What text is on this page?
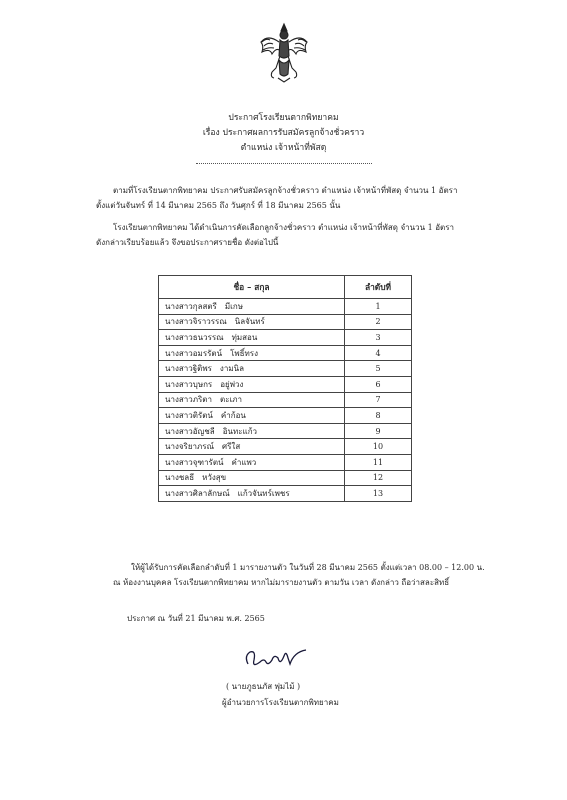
ประกาศโรงเรียนตากพิทยาคม
เรื่อง ประกาศผลการรับสมัครลูกจ้างชั่วคราว
ตำแหน่ง เจ้าหน้าที่พัสดุ
ตามที่โรงเรียนตากพิทยาคม ประกาศรับสมัครลูกจ้างชั่วคราว ตำแหน่ง เจ้าหน้าที่พัสดุ จำนวน 1 อัตรา
ตั้งแต่วันจันทร์ ที่ 14 มีนาคม 2565 ถึง วันศุกร์ ที่ 18 มีนาคม 2565 นั้น
โรงเรียนตากพิทยาคม ได้ดำเนินการคัดเลือกลูกจ้างชั่วคราว ตำแหน่ง เจ้าหน้าที่พัสดุ จำนวน 1 อัตรา
ดังกล่าวเรียบร้อยแล้ว จึงขอประกาศรายชื่อ ดังต่อไปนี้
ชื่อ – สกุล	ลำดับที่
นางสาวกุลสตรี มีเกษ	1
นางสาวจิราวรรณ นิลจันทร์	2
นางสาวธนวรรณ ทุ่มสอน	3
นางสาวอมรรัตน์ โพธิ์ทรง	4
นางสาวฐิติพร งามนิล	5
นางสาวบุษกร อยู่พ่วง	6
นางสาวภริตา ตะเภา	7
นางสาวติรัตน์ คำก้อน	8
นางสาวอัญชลี อินทะแก้ว	9
นางจริยาภรณ์ ศรีใส	10
นางสาวจุฑารัตน์ คำแพว	11
นางชลธี หวังสุข	12
นางสาวศิลาลักษณ์ แก้วจันทร์เพชร	13
ให้ผู้ได้รับการคัดเลือกลำดับที่ 1 มารายงานตัว ในวันที่ 28 มีนาคม 2565 ตั้งแต่เวลา 08.00 – 12.00 น.
ณ ห้องงานบุคคล โรงเรียนตากพิทยาคม หากไม่มารายงานตัว ตามวัน เวลา ดังกล่าว ถือว่าสละสิทธิ์
ประกาศ ณ วันที่ 21 มีนาคม พ.ศ. 2565
( นายภูธนภัส พุ่มไม้ )
ผู้อำนวยการโรงเรียนตากพิทยาคม
